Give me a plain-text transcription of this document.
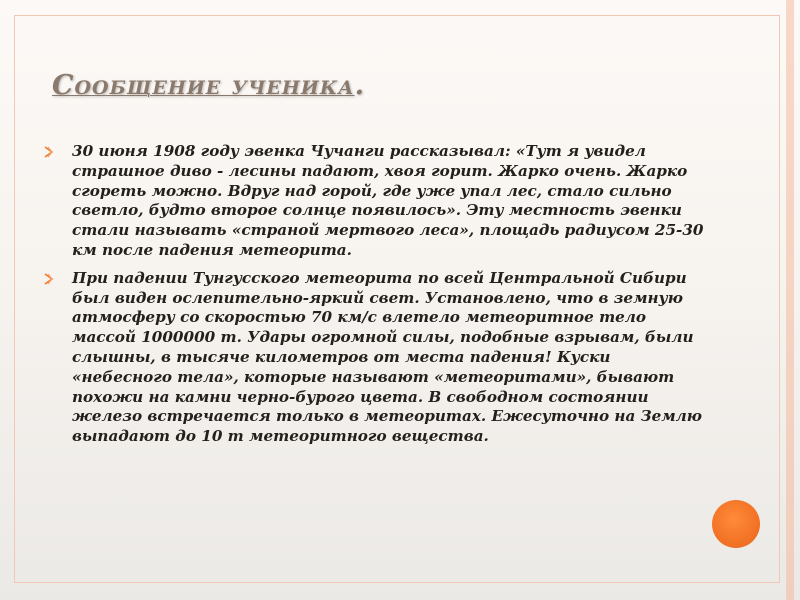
Сообщение ученика.
30 июня 1908 году эвенка Чучанги рассказывал: «Тут я увидел страшное диво - лесины падают, хвоя горит. Жарко очень. Жарко сгореть можно. Вдруг над горой, где уже упал лес, стало сильно светло, будто второе солнце появилось». Эту местность эвенки стали называть «страной мертвого леса», площадь радиусом 25-30 км после падения метеорита.
При падении Тунгусского метеорита по всей Центральной Сибири был виден ослепительно-яркий свет. Установлено, что в земную атмосферу со скоростью 70 км/с влетело метеоритное тело массой 1000000 т. Удары огромной силы, подобные взрывам, были слышны, в тысяче километров от места падения! Куски «небесного тела», которые называют «метеоритами», бывают похожи на камни черно-бурого цвета. В свободном состоянии железо встречается только в метеоритах. Ежесуточно на Землю выпадают до 10 т метеоритного вещества.
